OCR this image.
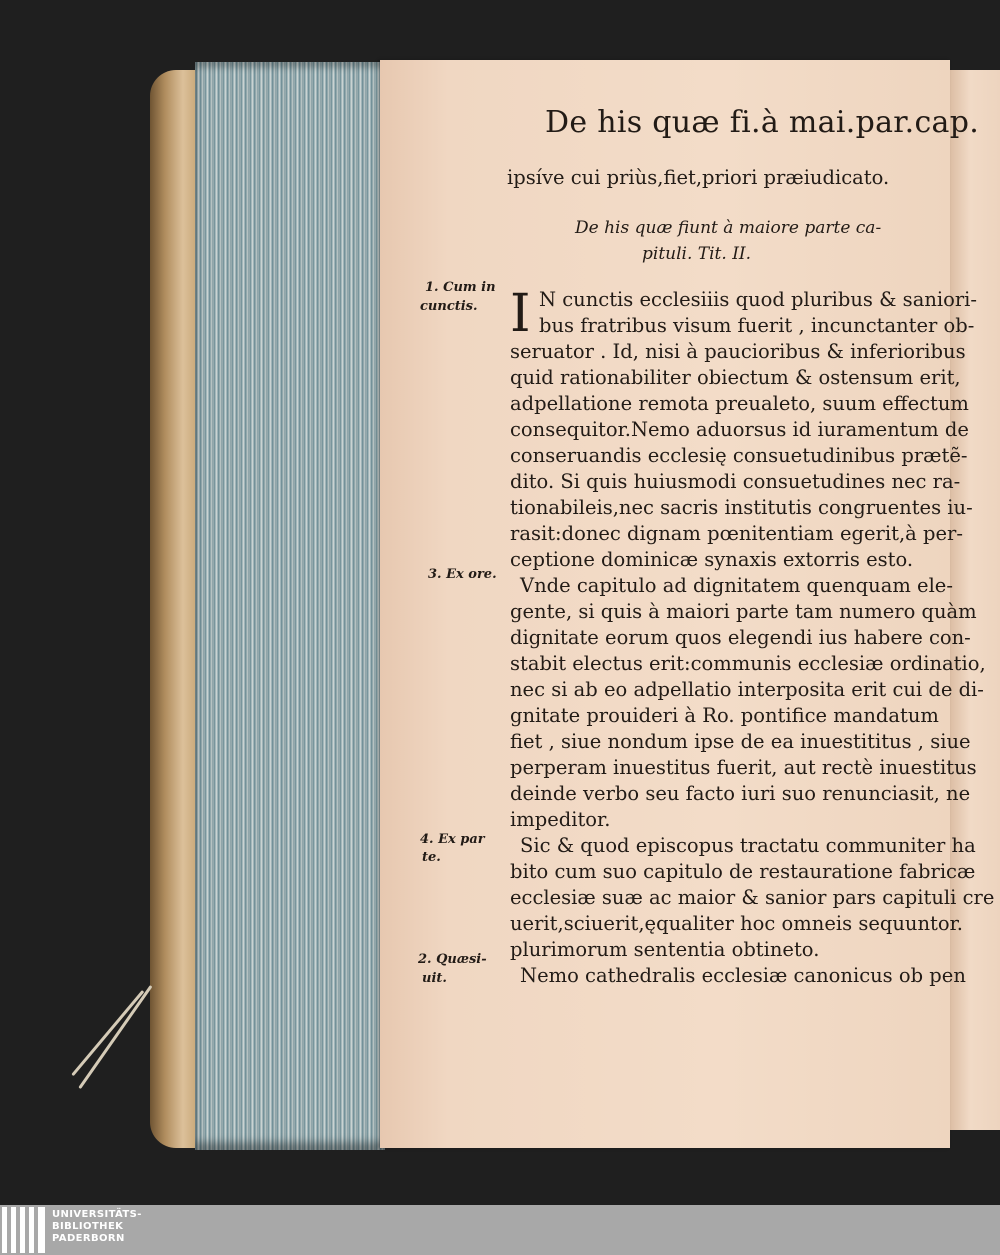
De his quæ fi.à mai.par.cap.
ipsíve cui priùs,fiet,priori præiudicato.
De his quæ fiunt à maiore parte ca-
pituli. Tit. II.
I N cunctis ecclesiiis quod pluribus & saniori-
bus fratribus visum fuerit , incunctanter ob-
seruator . Id, nisi à paucioribus & inferioribus
quid rationabiliter obiectum & ostensum erit,
adpellatione remota preualeto, suum effectum
consequitor.Nemo aduorsus id iuramentum de
conseruandis ecclesię consuetudinibus prætẽ-
dito. Si quis huiusmodi consuetudines nec ra-
tionabileis,nec sacris institutis congruentes iu-
rasit:donec dignam pœnitentiam egerit,à per-
ceptione dominicæ synaxis extorris esto.
Vnde capitulo ad dignitatem quenquam ele-
gente, si quis à maiori parte tam numero quàm
dignitate eorum quos elegendi ius habere con-
stabit electus erit:communis ecclesiæ ordinatio,
nec si ab eo adpellatio interposita erit cui de di-
gnitate prouideri à Ro. pontifice mandatum
fiet , siue nondum ipse de ea inuestititus , siue
perperam inuestitus fuerit, aut rectè inuestitus
deinde verbo seu facto iuri suo renunciasit, ne
impeditor.
Sic & quod episcopus tractatu communiter ha
bito cum suo capitulo de restauratione fabricæ
ecclesiæ suæ ac maior & sanior pars capituli cre
uerit,sciuerit,ęqualiter hoc omneis sequuntor.
plurimorum sententia obtineto.
Nemo cathedralis ecclesiæ canonicus ob pen
1. Cum in
cunctis.
3. Ex ore.
4. Ex par
te.
2. Quæsi-
uit.
UNIVERSITÄTS-
BIBLIOTHEK
PADERBORN
